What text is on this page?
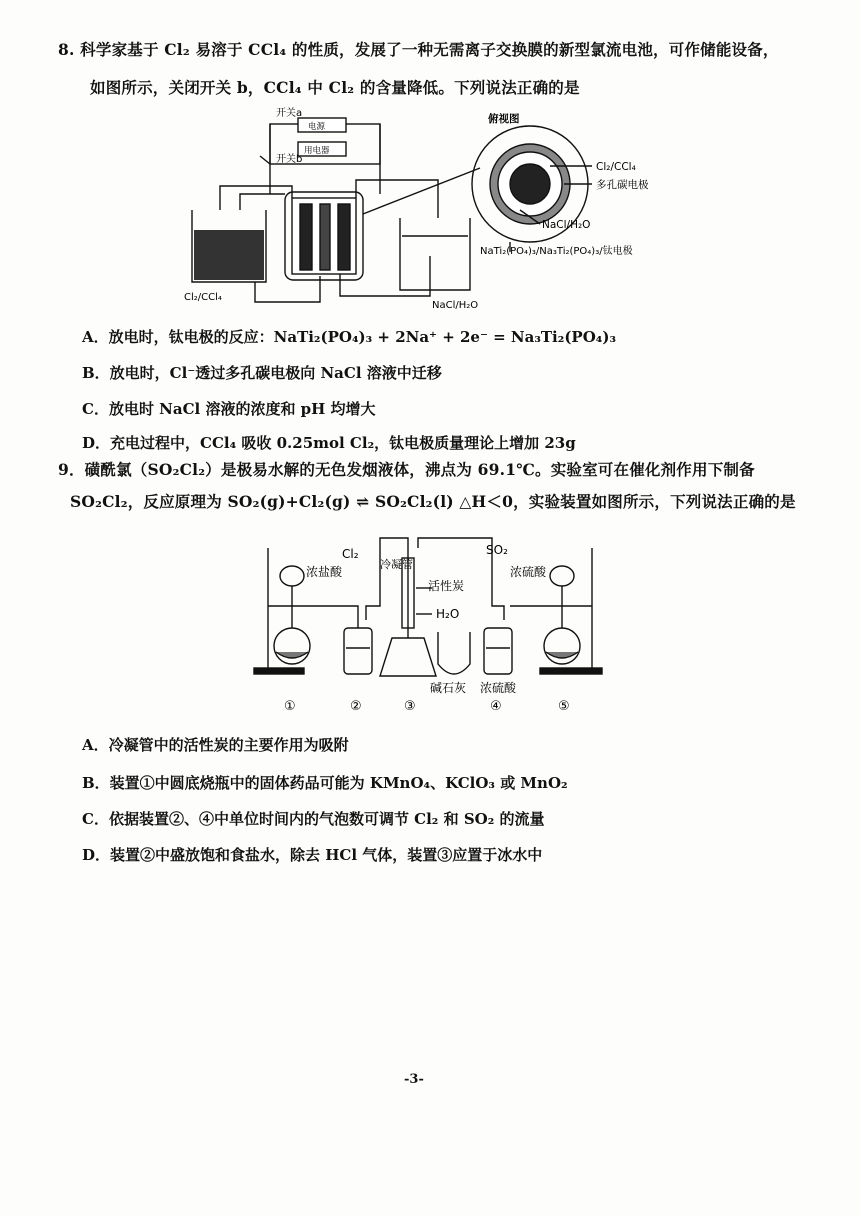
8. 科学家基于 Cl₂ 易溶于 CCl₄ 的性质，发展了一种无需离子交换膜的新型氯流电池，可作储能设备，
如图所示，关闭开关 b，CCl₄ 中 Cl₂ 的含量降低。下列说法正确的是
开关a
开关b
电源
用电器
Cl₂/CCl₄
NaCl/H₂O
俯视图
Cl₂/CCl₄
多孔碳电极
NaCl/H₂O
NaTi₂(PO₄)₃/Na₃Ti₂(PO₄)₃/钛电极
A．放电时，钛电极的反应：NaTi₂(PO₄)₃ + 2Na⁺ + 2e⁻ = Na₃Ti₂(PO₄)₃
B．放电时，Cl⁻透过多孔碳电极向 NaCl 溶液中迁移
C．放电时 NaCl 溶液的浓度和 pH 均增大
D．充电过程中，CCl₄ 吸收 0.25mol Cl₂，钛电极质量理论上增加 23g
9．磺酰氯（SO₂Cl₂）是极易水解的无色发烟液体，沸点为 69.1℃。实验室可在催化剂作用下制备
SO₂Cl₂，反应原理为 SO₂(g)+Cl₂(g) ⇌ SO₂Cl₂(l) △H＜0，实验装置如图所示，下列说法正确的是
Cl₂	SO₂
浓盐酸
冷凝管
活性炭
H₂O
浓硫酸
碱石灰 浓硫酸
①	②	③	④	⑤
A．冷凝管中的活性炭的主要作用为吸附
B．装置①中圆底烧瓶中的固体药品可能为 KMnO₄、KClO₃ 或 MnO₂
C．依据装置②、④中单位时间内的气泡数可调节 Cl₂ 和 SO₂ 的流量
D．装置②中盛放饱和食盐水，除去 HCl 气体，装置③应置于冰水中
-3-
